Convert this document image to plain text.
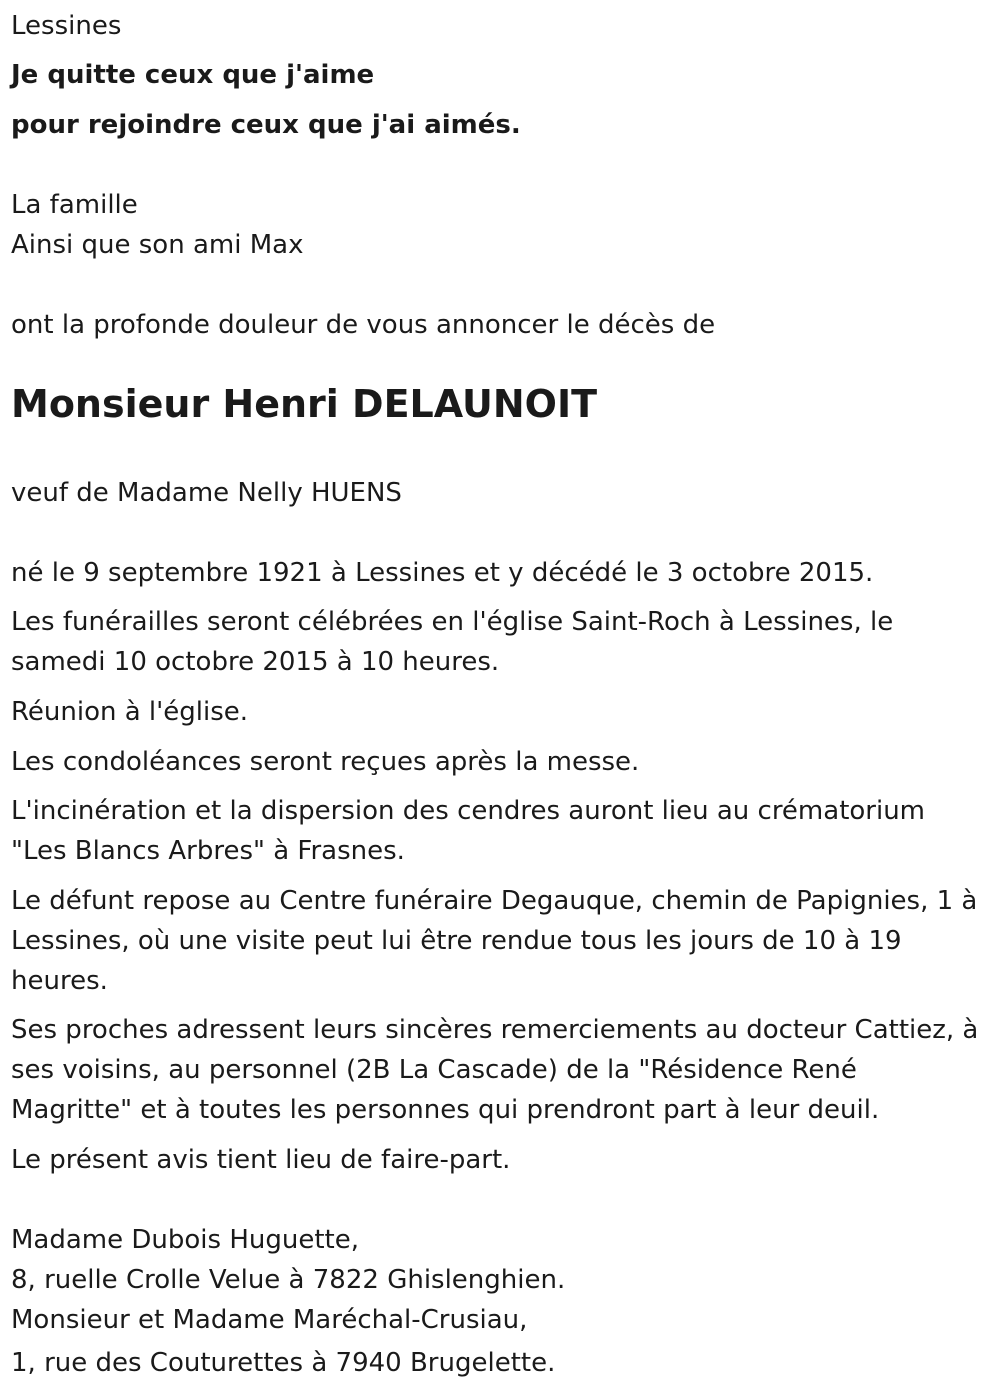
Lessines

Je quitte ceux que j'aime

pour rejoindre ceux que j'ai aimés.

La famille

Ainsi que son ami Max

ont la profonde douleur de vous annoncer le décès de

Monsieur Henri DELAUNOIT

veuf de Madame Nelly HUENS

né le 9 septembre 1921 à Lessines et y décédé le 3 octobre 2015.

Les funérailles seront célébrées en l'église Saint-Roch à Lessines, le samedi 10 octobre 2015 à 10 heures.

Réunion à l'église.

Les condoléances seront reçues après la messe.

L'incinération et la dispersion des cendres auront lieu au crématorium "Les Blancs Arbres" à Frasnes.

Le défunt repose au Centre funéraire Degauque, chemin de Papignies, 1 à Lessines, où une visite peut lui être rendue tous les jours de 10 à 19 heures.

Ses proches adressent leurs sincères remerciements au docteur Cattiez, à ses voisins, au personnel (2B La Cascade) de la "Résidence René Magritte" et à toutes les personnes qui prendront part à leur deuil.

Le présent avis tient lieu de faire-part.

Madame Dubois Huguette,

8, ruelle Crolle Velue à 7822 Ghislenghien.

Monsieur et Madame Maréchal-Crusiau,

1, rue des Couturettes à 7940 Brugelette.
